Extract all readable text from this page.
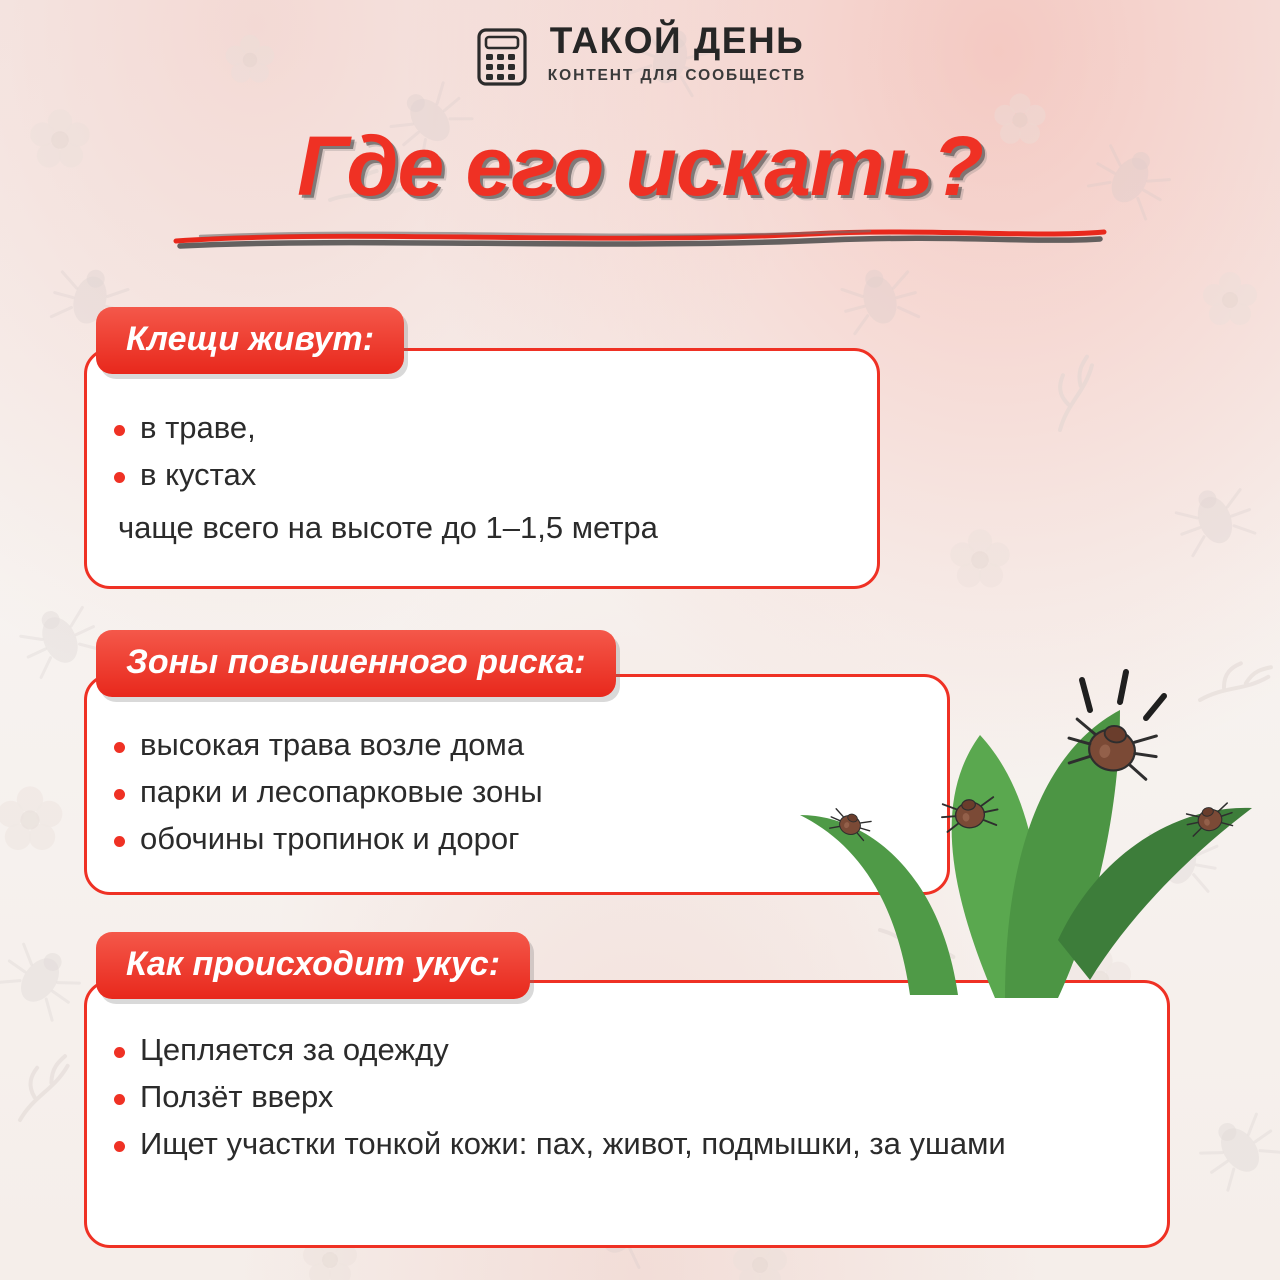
ТАКОЙ ДЕНЬ
КОНТЕНТ ДЛЯ СООБЩЕСТВ
Где его искать?
Клещи живут:
в траве,
в кустах
чаще всего на высоте до 1–1,5 метра
Зоны повышенного риска:
высокая трава возле дома
парки и лесопарковые зоны
обочины тропинок и дорог
Как происходит укус:
Цепляется за одежду
Ползёт вверх
Ищет участки тонкой кожи: пах, живот, подмышки, за ушами
